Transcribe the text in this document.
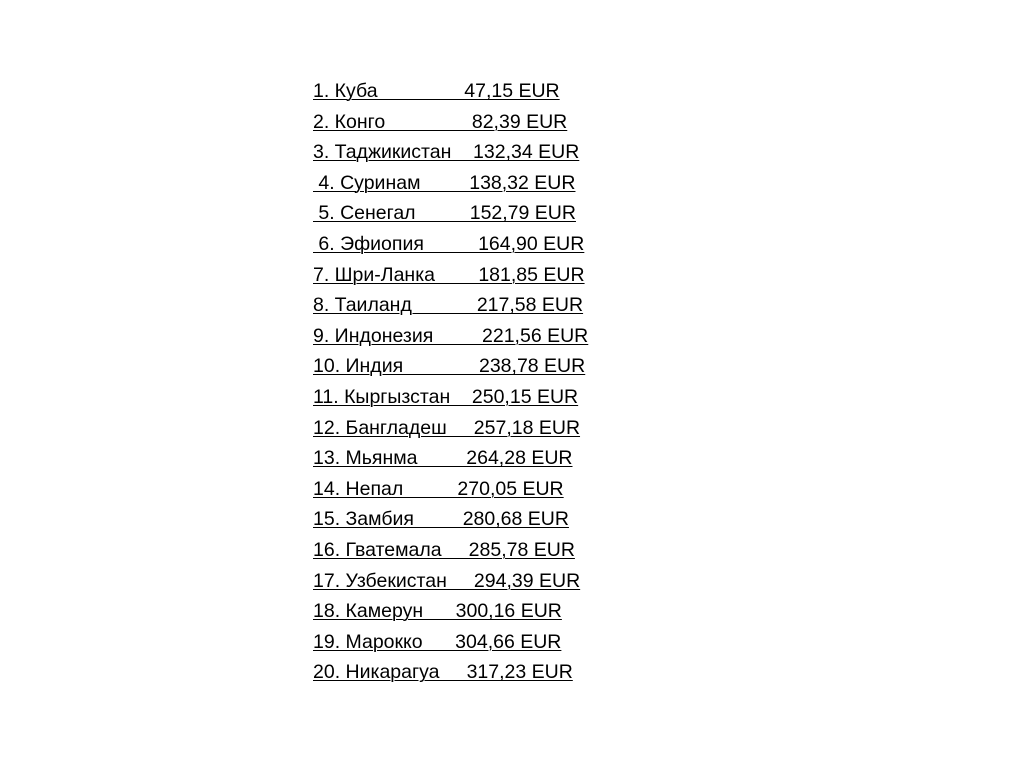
1. Куба                47,15 EUR
2. Конго                82,39 EUR
3. Таджикистан    132,34 EUR
4. Суринам         138,32 EUR
5. Сенегал          152,79 EUR
6. Эфиопия          164,90 EUR
7. Шри-Ланка        181,85 EUR
8. Таиланд            217,58 EUR
9. Индонезия         221,56 EUR
10. Индия              238,78 EUR
11. Кыргызстан    250,15 EUR
12. Бангладеш     257,18 EUR
13. Мьянма         264,28 EUR
14. Непал          270,05 EUR
15. Замбия         280,68 EUR
16. Гватемала     285,78 EUR
17. Узбекистан     294,39 EUR
18. Камерун      300,16 EUR
19. Марокко      304,66 EUR
20. Никарагуа     317,23 EUR
